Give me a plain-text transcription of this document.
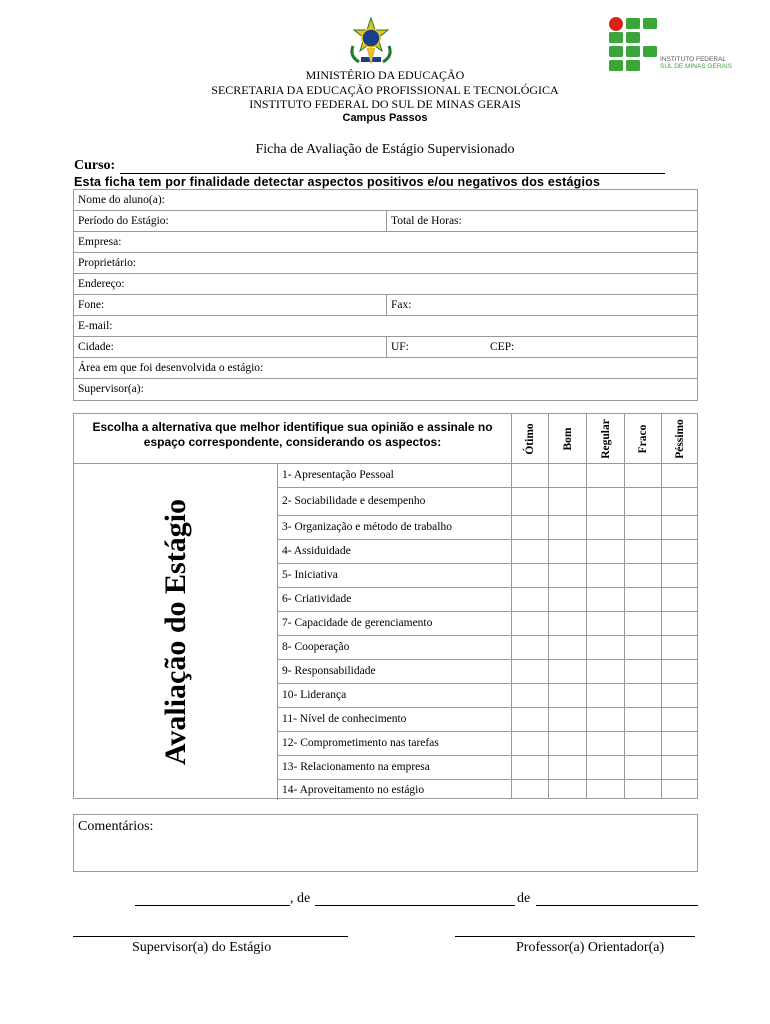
INSTITUTO FEDERAL
SUL DE MINAS GERAIS
MINISTÉRIO DA EDUCAÇÃO
SECRETARIA DA EDUCAÇÃO PROFISSIONAL E TECNOLÓGICA
INSTITUTO FEDERAL DO SUL DE MINAS GERAIS
Campus Passos
Ficha de Avaliação de Estágio Supervisionado
Curso:
Esta ficha tem por finalidade detectar aspectos positivos e/ou negativos dos estágios
Nome do aluno(a):
Período do Estágio:	Total de Horas:
Empresa:
Proprietário:
Endereço:
Fone:	Fax:
E-mail:
Cidade:	UF:	CEP:
Área em que foi desenvolvida o estágio:
Supervisor(a):
Escolha a alternativa que melhor identifique sua opinião e assinale no espaço correspondente, considerando os aspectos:	Ótimo Bom Regular Fraco Péssimo
Avaliação do Estágio
1- Apresentação Pessoal
2- Sociabilidade e desempenho
3- Organização e método de trabalho
4- Assiduidade
5- Iniciativa
6- Criatividade
7- Capacidade de gerenciamento
8- Cooperação
9- Responsabilidade
10- Liderança
11- Nível de conhecimento
12- Comprometimento nas tarefas
13- Relacionamento na empresa
14- Aproveitamento no estágio
Comentários:
, de	de
Supervisor(a) do Estágio	Professor(a) Orientador(a)
